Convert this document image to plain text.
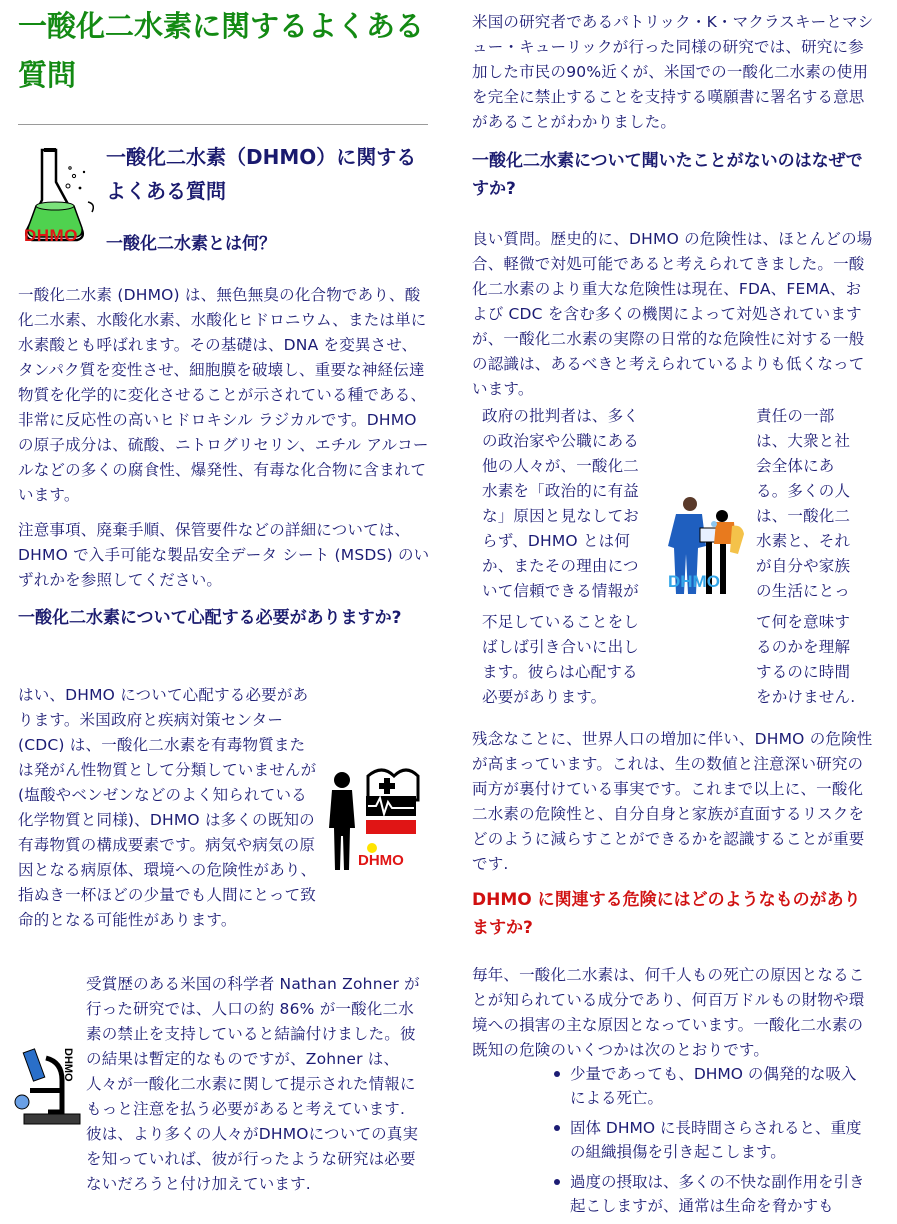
一酸化二水素に関するよくある質問
DHMO

一酸化二水素（DHMO）に関するよくある質問

一酸化二水素とは何？

一酸化二水素 (DHMO) は、無色無臭の化合物であり、酸化二水素、水酸化水素、水酸化ヒドロニウム、または単に水素酸とも呼ばれます。その基礎は、DNA を変異させ、タンパク質を変性させ、細胞膜を破壊し、重要な神経伝達物質を化学的に変化させることが示されている種である、非常に反応性の高いヒドロキシル ラジカルです。DHMO の原子成分は、硫酸、ニトログリセリン、エチル アルコールなどの多くの腐食性、爆発性、有毒な化合物に含まれています。

注意事項、廃棄手順、保管要件などの詳細については、DHMO で入手可能な製品安全データ シート (MSDS) のいずれかを参照してください。

一酸化二水素について心配する必要がありますか?

はい、DHMO について心配する必要があります。米国政府と疾病対策センター (CDC) は、一酸化二水素を有毒物質または発がん性物質として分類していませんが (塩酸やベンゼンなどのよく知られている化学物質と同様)、DHMO は多くの既知の有毒物質の構成要素です。病気や病気の原因となる病原体、環境への危険性があり、指ぬき一杯ほどの少量でも人間にとって致命的となる可能性があります。

DHMO

受賞歴のある米国の科学者 Nathan Zohner が行った研究では、人口の約 86% が一酸化二水素の禁止を支持していると結論付けました。彼の結果は暫定的なものですが、Zohner は、人々が一酸化二水素に関して提示された情報にもっと注意を払う必要があると考えています. 彼は、より多くの人々がDHMOについての真実を知っていれば、彼が行ったような研究は必要ないだろうと付け加えています.

DHMO

米国の研究者であるパトリック・K・マクラスキーとマシュー・キューリックが行った同様の研究では、研究に参加した市民の90%近くが、米国での一酸化二水素の使用を完全に禁止することを支持する嘆願書に署名する意思があることがわかりました。

一酸化二水素について聞いたことがないのはなぜですか?

良い質問。歴史的に、DHMO の危険性は、ほとんどの場合、軽微で対処可能であると考えられてきました。一酸化二水素のより重大な危険性は現在、FDA、FEMA、および CDC を含む多くの機関によって対処されていますが、一酸化二水素の実際の日常的な危険性に対する一般の認識は、あるべきと考えられているよりも低くなっています。

政府の批判者は、多くの政治家や公職にある他の人々が、一酸化二水素を「政治的に有益な」原因と見なしておらず、DHMO とは何か、またその理由について信頼できる情報が

不足していることをしばしば引き合いに出します。彼らは心配する必要があります。

DHMO

責任の一部は、大衆と社会全体にある。多くの人は、一酸化二水素と、それが自分や家族の生活にとっ

て何を意味するのかを理解するのに時間をかけません.

残念なことに、世界人口の増加に伴い、DHMO の危険性が高まっています。これは、生の数値と注意深い研究の両方が裏付けている事実です。これまで以上に、一酸化二水素の危険性と、自分自身と家族が直面するリスクをどのように減らすことができるかを認識することが重要です.

DHMO に関連する危険にはどのようなものがありますか?

毎年、一酸化二水素は、何千人もの死亡の原因となることが知られている成分であり、何百万ドルもの財物や環境への損害の主な原因となっています。一酸化二水素の既知の危険のいくつかは次のとおりです。

少量であっても、DHMO の偶発的な吸入による死亡。
固体 DHMO に長時間さらされると、重度の組織損傷を引き起こします。
過度の摂取は、多くの不快な副作用を引き起こしますが、通常は生命を脅かすも
